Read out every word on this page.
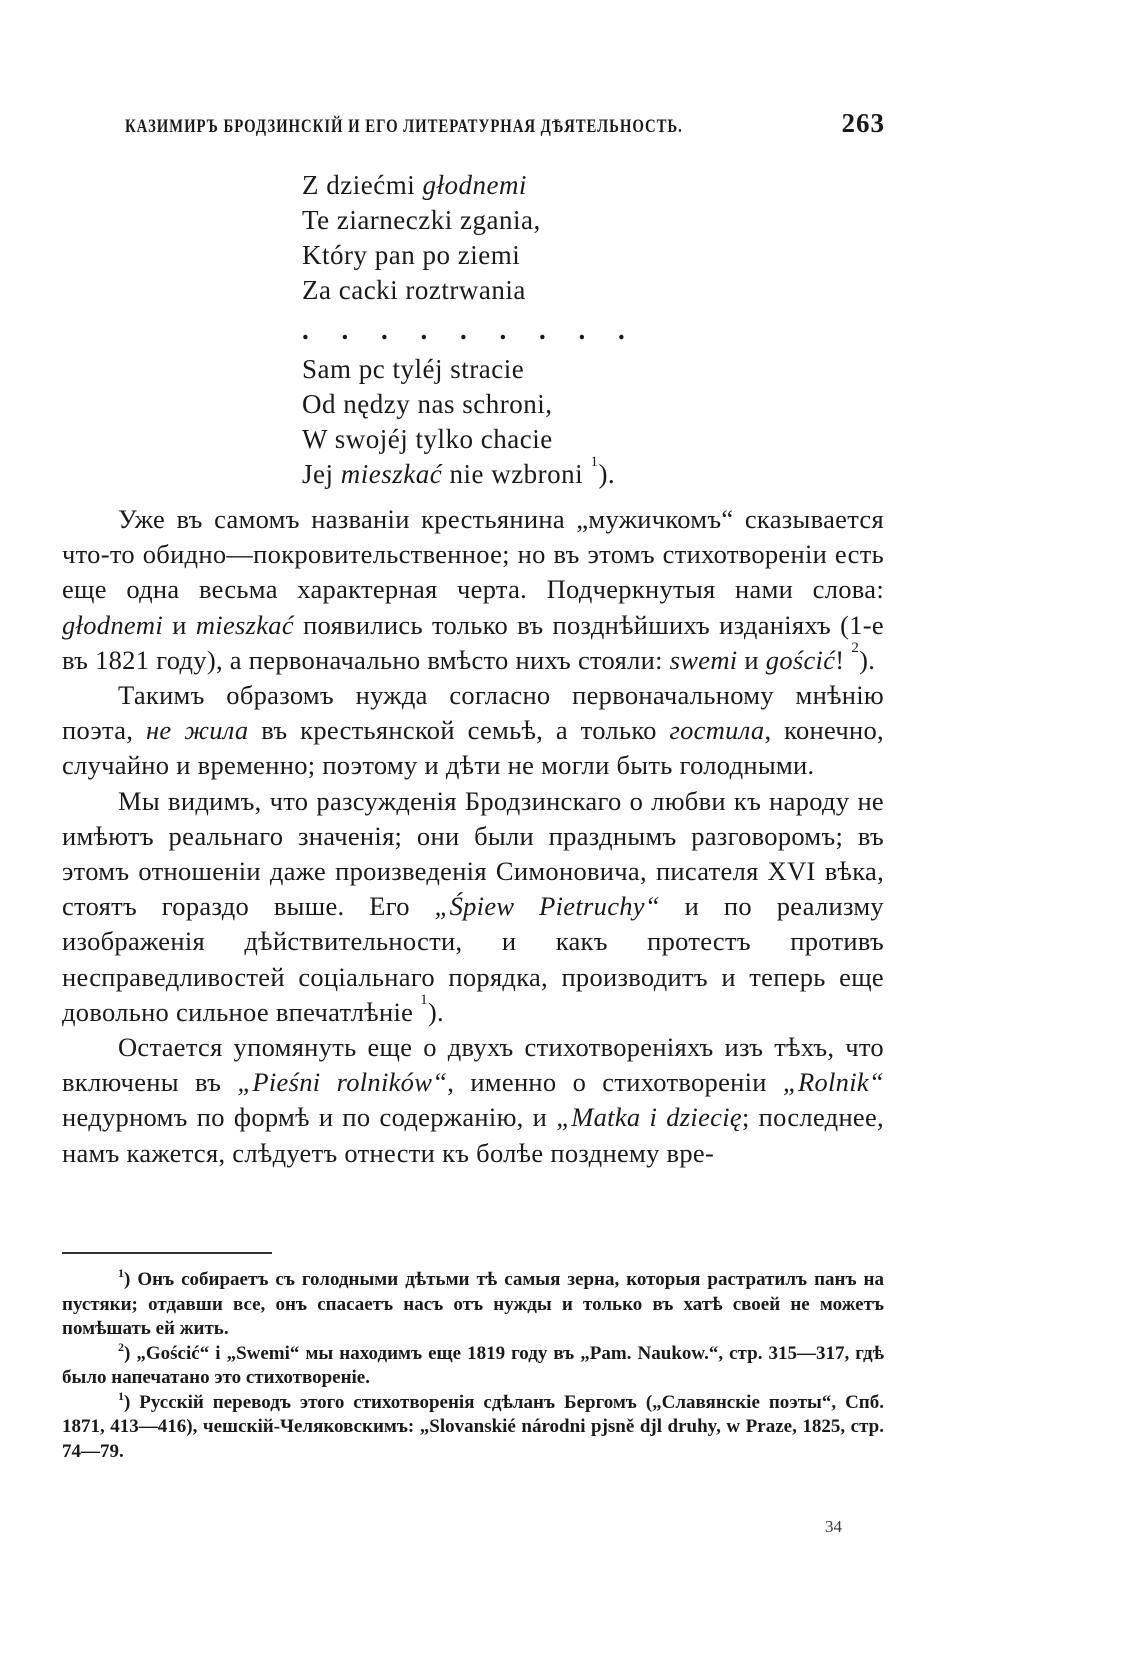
КАЗИМИРЪ БРОДЗИНСКІЙ И ЕГО ЛИТЕРАТУРНАЯ ДѢЯТЕЛЬНОСТЬ.	263
Z dziećmi głodnemi
Te ziarneczki zgania,
Który pan po ziemi
Za cacki roztrwania
. . . . . . . . .
Sam pc tyléj stracie
Od nędzy nas schroni,
W swojéj tylko chacie
Jej mieszkać nie wzbroni $^1$).

Уже въ самомъ названіи крестьянина „мужичкомъ“ сказывается что-то обидно—покровительственное; но въ этомъ стихотвореніи есть еще одна весьма характерная черта. Подчеркнутыя нами слова: głodnemi и mieszkać появились только въ позднѣйшихъ изданіяхъ (1-е въ 1821 году), а первоначально вмѣсто нихъ стояли: swemi и gościć! $^2$).

Такимъ образомъ нужда согласно первоначальному мнѣнію поэта, не жила въ крестьянской семьѣ, а только гостила, конечно, случайно и временно; поэтому и дѣти не могли быть голодными.

Мы видимъ, что разсужденія Бродзинскаго о любви къ народу не имѣютъ реальнаго значенія; они были празднымъ разговоромъ; въ этомъ отношеніи даже произведенія Симоновича, писателя XVI вѣка, стоятъ гораздо выше. Его „Śpiew Pietruchy“ и по реализму изображенія дѣйствительности, и какъ протестъ противъ несправедливостей соціальнаго порядка, производитъ и теперь еще довольно сильное впечатлѣніе $^1$).

Остается упомянуть еще о двухъ стихотвореніяхъ изъ тѣхъ, что включены въ „Pieśni rolników“, именно о стихотвореніи „Rolnik“ недурномъ по формѣ и по содержанію, и „Matka i dziecię; последнее, намъ кажется, слѣдуетъ отнести къ болѣе позднему вре-

$^1$) Онъ собираетъ съ голодными дѣтьми тѣ самыя зерна, которыя растратилъ панъ на пустяки; отдавши все, онъ спасаетъ насъ отъ нужды и только въ хатѣ своей не можетъ помѣшать ей жить.

$^2$) „Gościć“ i „Swemi“ мы находимъ еще 1819 году въ „Pam. Naukow.“, стр. 315—317, гдѣ было напечатано это стихотвореніе.

$^1$) Русскій переводъ этого стихотворенія сдѣланъ Бергомъ („Славянскіе поэты“, Спб. 1871, 413—416), чешскій-Челяковскимъ: „Slovanskié národni pjsně djl druhy, w Praze, 1825, стр. 74—79.

34
